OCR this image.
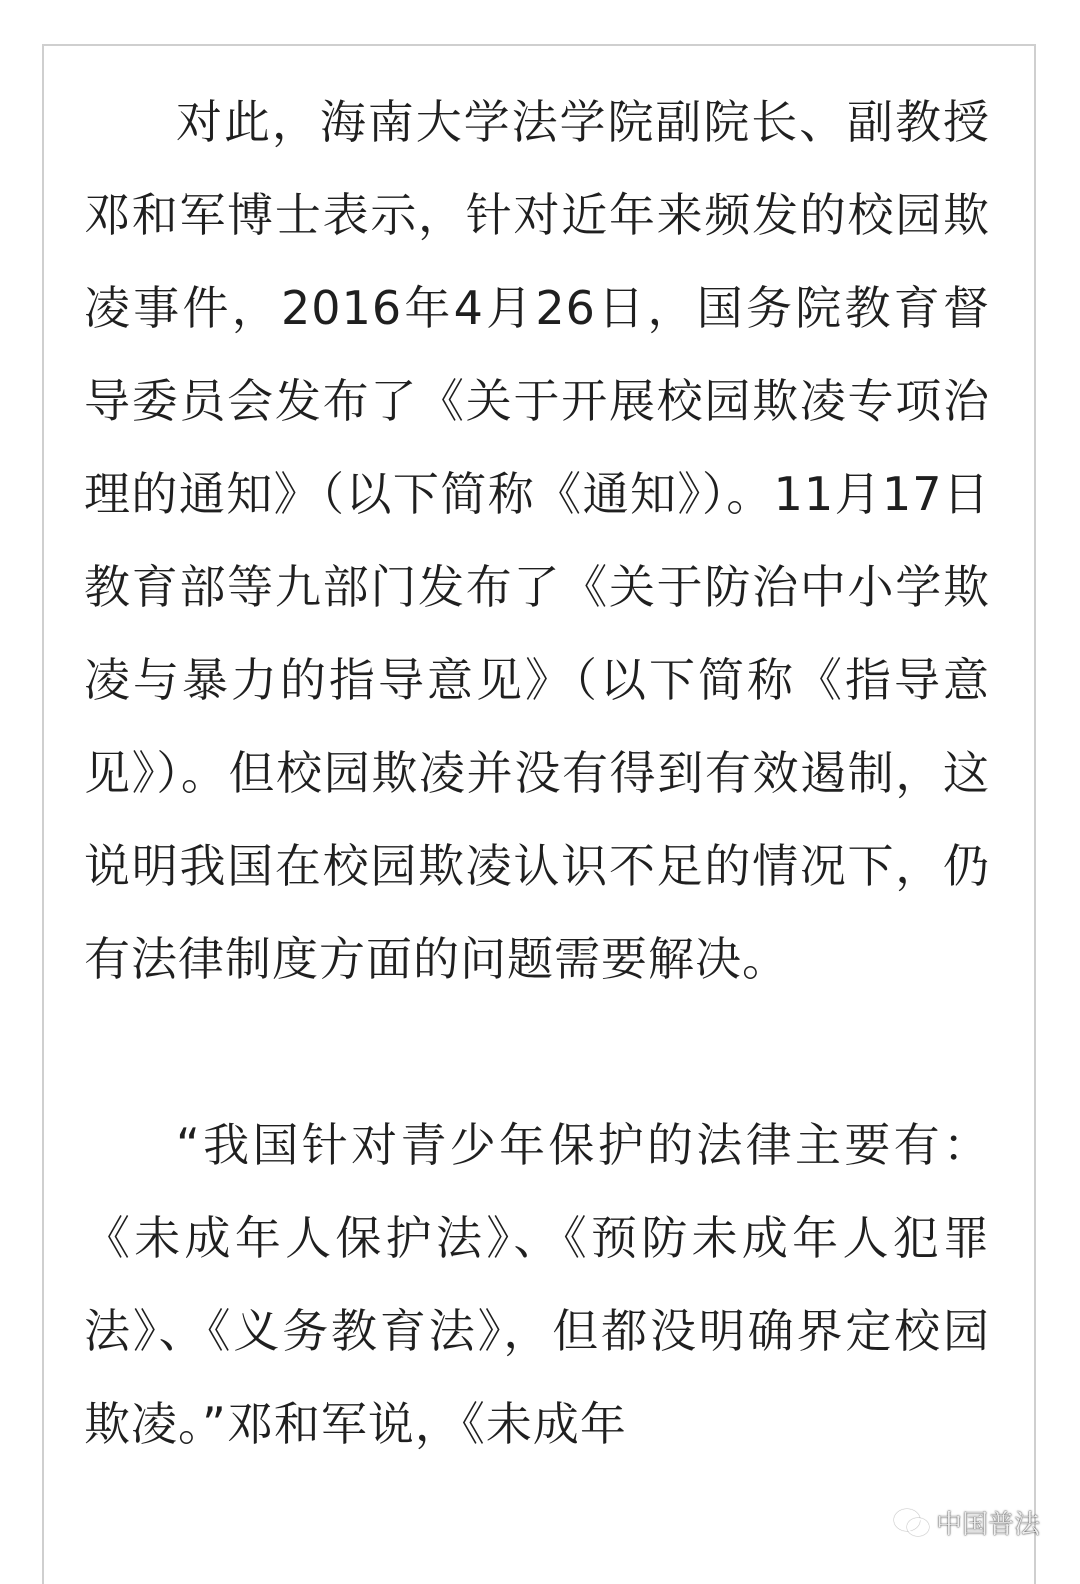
对此，海南大学法学院副院长、副教授邓和军博士表示，针对近年来频发的校园欺凌事件，2016年4月26日，国务院教育督导委员会发布了《关于开展校园欺凌专项治理的通知》（以下简称《通知》）。11月17日教育部等九部门发布了《关于防治中小学欺凌与暴力的指导意见》（以下简称《指导意见》）。但校园欺凌并没有得到有效遏制，这说明我国在校园欺凌认识不足的情况下，仍有法律制度方面的问题需要解决。

“我国针对青少年保护的法律主要有：《未成年人保护法》、《预防未成年人犯罪法》、《义务教育法》，但都没明确界定校园欺凌。”邓和军说，《未成年

中国普法
